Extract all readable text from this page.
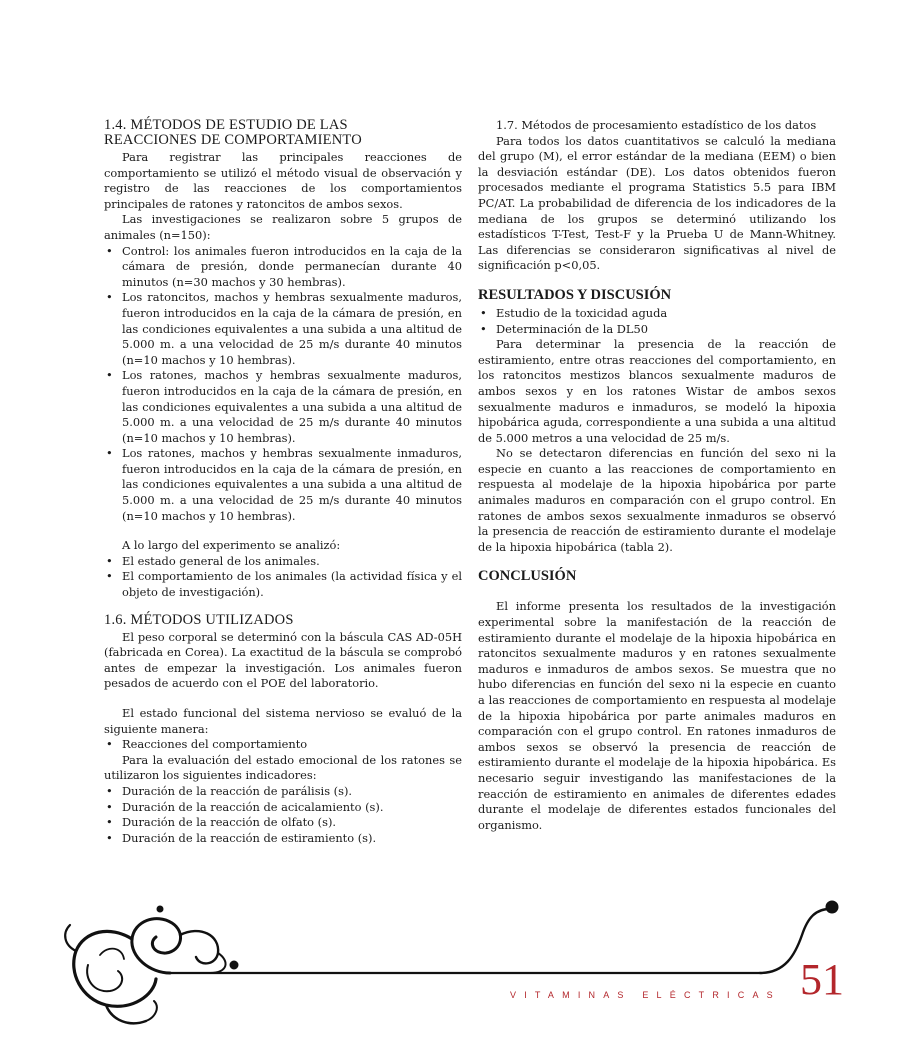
1.4. MÉTODOS DE ESTUDIO DE LAS
REACCIONES DE COMPORTAMIENTO

Para registrar las principales reacciones de comportamiento se utilizó el método visual de observación y registro de las reacciones de los comportamientos principales de ratones y ratoncitos de ambos sexos.

Las investigaciones se realizaron sobre 5 grupos de animales (n=150):

• Control: los animales fueron introducidos en la caja de la cámara de presión, donde permanecían durante 40 minutos (n=30 machos y 30 hembras).
• Los ratoncitos, machos y hembras sexualmente maduros, fueron introducidos en la caja de la cámara de presión, en las condiciones equivalentes a una subida a una altitud de 5.000 m. a una velocidad de 25 m/s durante 40 minutos (n=10 machos y 10 hembras).
• Los ratones, machos y hembras sexualmente maduros, fueron introducidos en la caja de la cámara de presión, en las condiciones equivalentes a una subida a una altitud de 5.000 m. a una velocidad de 25 m/s durante 40 minutos (n=10 machos y 10 hembras).
• Los ratones, machos y hembras sexualmente inmaduros, fueron introducidos en la caja de la cámara de presión, en las condiciones equivalentes a una subida a una altitud de 5.000 m. a una velocidad de 25 m/s durante 40 minutos (n=10 machos y 10 hembras).

A lo largo del experimento se analizó:

• El estado general de los animales.
• El comportamiento de los animales (la actividad física y el objeto de investigación).
1.6. MÉTODOS UTILIZADOS

El peso corporal se determinó con la báscula CAS AD-05H (fabricada en Corea). La exactitud de la báscula se comprobó antes de empezar la investigación. Los animales fueron pesados de acuerdo con el POE del laboratorio.

El estado funcional del sistema nervioso se evaluó de la siguiente manera:

• Reacciones del comportamiento

Para la evaluación del estado emocional de los ratones se utilizaron los siguientes indicadores:

• Duración de la reacción de parálisis (s).
• Duración de la reacción de acicalamiento (s).
• Duración de la reacción de olfato (s).
• Duración de la reacción de estiramiento (s).

1.7. Métodos de procesamiento estadístico de los datos

Para todos los datos cuantitativos se calculó la mediana del grupo (M), el error estándar de la mediana (EEM) o bien la desviación estándar (DE). Los datos obtenidos fueron procesados mediante el programa Statistics 5.5 para IBM PC/AT. La probabilidad de diferencia de los indicadores de la mediana de los grupos se determinó utilizando los estadísticos T-Test, Test-F y la Prueba U de Mann-Whitney. Las diferencias se consideraron significativas al nivel de significación p<0,05.

RESULTADOS Y DISCUSIÓN
• Estudio de la toxicidad aguda
• Determinación de la DL50

Para determinar la presencia de la reacción de estiramiento, entre otras reacciones del comportamiento, en los ratoncitos mestizos blancos sexualmente maduros de ambos sexos y en los ratones Wistar de ambos sexos sexualmente maduros e inmaduros, se modeló la hipoxia hipobárica aguda, correspondiente a una subida a una altitud de 5.000 metros a una velocidad de 25 m/s.

No se detectaron diferencias en función del sexo ni la especie en cuanto a las reacciones de comportamiento en respuesta al modelaje de la hipoxia hipobárica por parte animales maduros en comparación con el grupo control. En ratones de ambos sexos sexualmente inmaduros se observó la presencia de reacción de estiramiento durante el modelaje de la hipoxia hipobárica (tabla 2).

CONCLUSIÓN

El informe presenta los resultados de la investigación experimental sobre la manifestación de la reacción de estiramiento durante el modelaje de la hipoxia hipobárica en ratoncitos sexualmente maduros y en ratones sexualmente maduros e inmaduros de ambos sexos. Se muestra que no hubo diferencias en función del sexo ni la especie en cuanto a las reacciones de comportamiento en respuesta al modelaje de la hipoxia hipobárica por parte animales maduros en comparación con el grupo control. En ratones inmaduros de ambos sexos se observó la presencia de reacción de estiramiento durante el modelaje de la hipoxia hipobárica. Es necesario seguir investigando las manifestaciones de la reacción de estiramiento en animales de diferentes edades durante el modelaje de diferentes estados funcionales del organismo.

VITAMINAS ELÉCTRICAS 51
